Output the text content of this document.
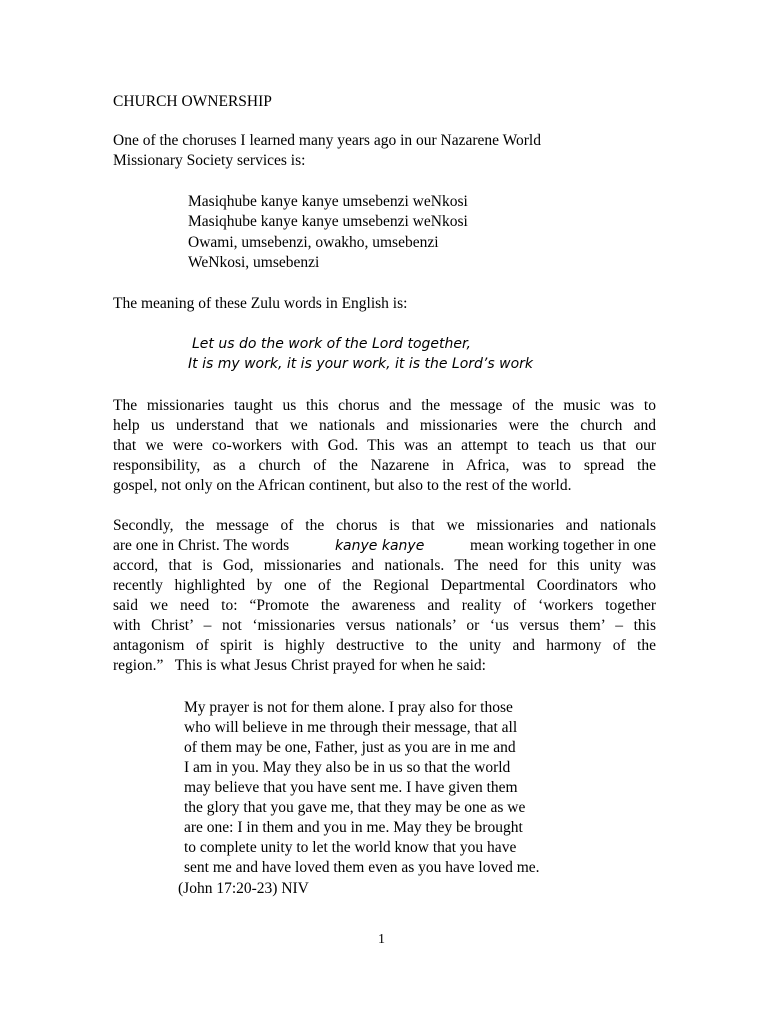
CHURCH OWNERSHIP
One of the choruses I learned many years ago in our Nazarene World
Missionary Society services is:
Masiqhube kanye kanye umsebenzi weNkosi
Masiqhube kanye kanye umsebenzi weNkosi
Owami, umsebenzi, owakho, umsebenzi
WeNkosi, umsebenzi
The meaning of these Zulu words in English is:
Let us do the work of the Lord together,
It is my work, it is your work, it is the Lord’s work
The missionaries taught us this chorus and the message of the music was to
help us understand that we nationals and missionaries were the church and
that we were co-workers with God. This was an attempt to teach us that our
responsibility, as a church of the Nazarene in Africa, was to spread the
gospel, not only on the African continent, but also to the rest of the world.
Secondly, the message of the chorus is that we missionaries and nationals
are one in Christ. The words	kanye kanye	mean working together in one
accord, that is God, missionaries and nationals. The need for this unity was
recently highlighted by one of the Regional Departmental Coordinators who
said we need to: “Promote the awareness and reality of ‘workers together
with Christ’ – not ‘missionaries versus nationals’ or ‘us versus them’ – this
antagonism of spirit is highly destructive to the unity and harmony of the
region.”   This is what Jesus Christ prayed for when he said:
My prayer is not for them alone. I pray also for those
who will believe in me through their message, that all
of them may be one, Father, just as you are in me and
I am in you. May they also be in us so that the world
may believe that you have sent me. I have given them
the glory that you gave me, that they may be one as we
are one: I in them and you in me. May they be brought
to complete unity to let the world know that you have
sent me and have loved them even as you have loved me.
(John 17:20-23) NIV
1
